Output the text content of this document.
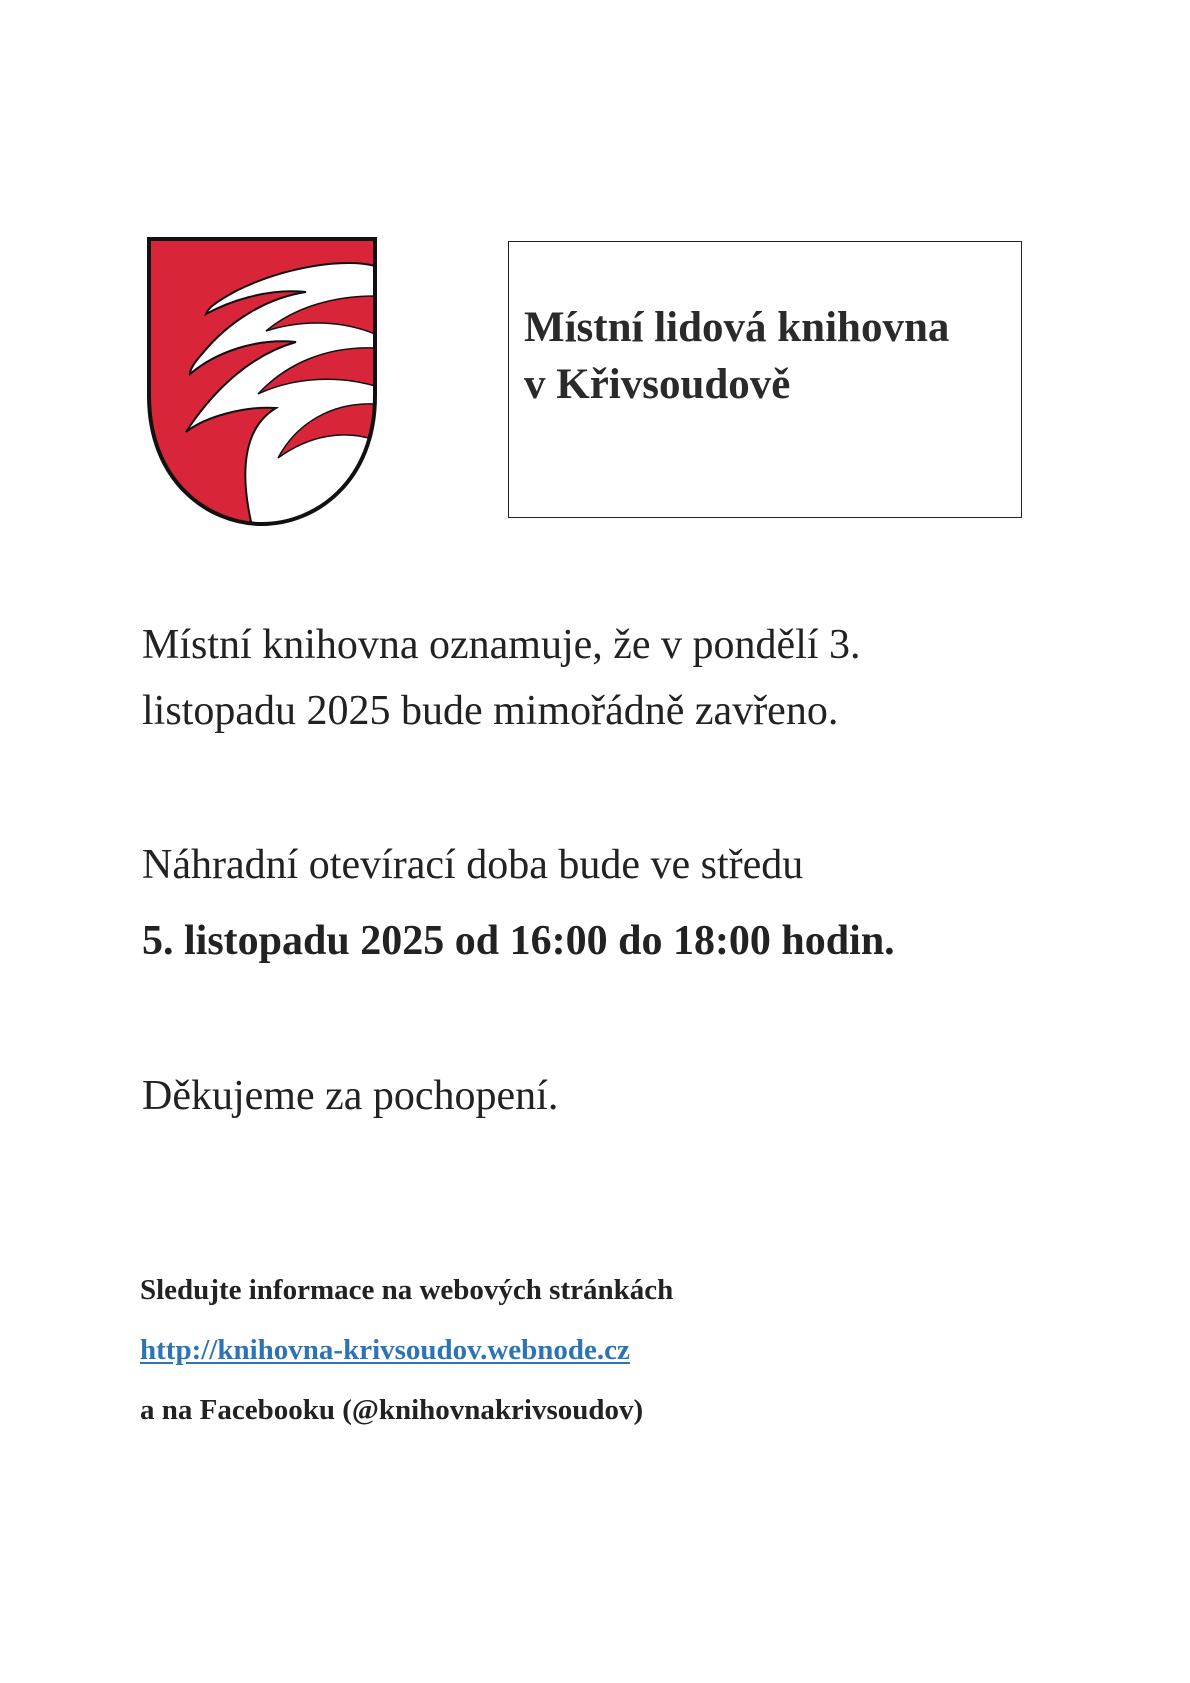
Místní lidová knihovna
v Křivsoudově
Místní knihovna oznamuje, že v pondělí 3.
listopadu 2025 bude mimořádně zavřeno.
Náhradní otevírací doba bude ve středu
5. listopadu 2025 od 16:00 do 18:00 hodin.
Děkujeme za pochopení.
Sledujte informace na webových stránkách
http://knihovna-krivsoudov.webnode.cz
a na Facebooku (@knihovnakrivsoudov)
